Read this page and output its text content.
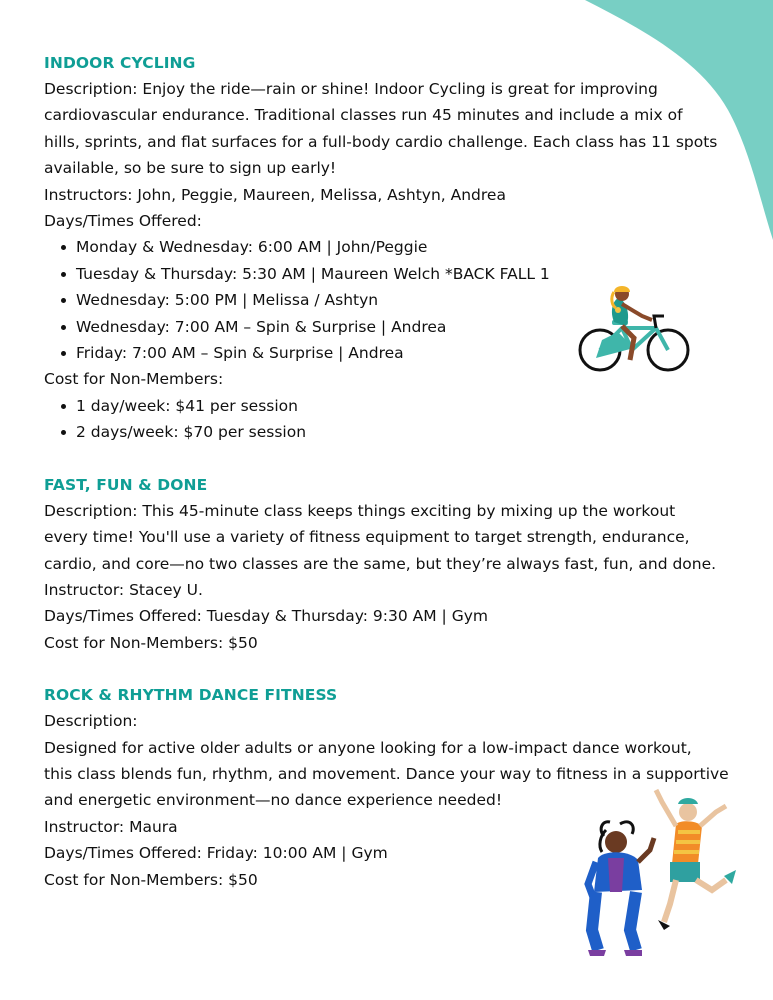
INDOOR CYCLING
Description: Enjoy the ride—rain or shine! Indoor Cycling is great for improving
cardiovascular endurance. Traditional classes run 45 minutes and include a mix of
hills, sprints, and flat surfaces for a full-body cardio challenge. Each class has 11 spots
available, so be sure to sign up early!
Instructors: John, Peggie, Maureen, Melissa, Ashtyn, Andrea
Days/Times Offered:
Monday & Wednesday: 6:00 AM | John/Peggie
Tuesday & Thursday: 5:30 AM | Maureen Welch *BACK FALL 1
Wednesday: 5:00 PM | Melissa / Ashtyn
Wednesday: 7:00 AM – Spin & Surprise | Andrea
Friday: 7:00 AM – Spin & Surprise | Andrea
Cost for Non-Members:
1 day/week: $41 per session
2 days/week: $70 per session
FAST, FUN & DONE
Description: This 45-minute class keeps things exciting by mixing up the workout
every time! You'll use a variety of fitness equipment to target strength, endurance,
cardio, and core—no two classes are the same, but they’re always fast, fun, and done.
Instructor: Stacey U.
Days/Times Offered: Tuesday & Thursday: 9:30 AM | Gym
Cost for Non-Members: $50
ROCK & RHYTHM DANCE FITNESS
Description:
Designed for active older adults or anyone looking for a low-impact dance workout,
this class blends fun, rhythm, and movement. Dance your way to fitness in a supportive
and energetic environment—no dance experience needed!
Instructor: Maura
Days/Times Offered: Friday: 10:00 AM | Gym
Cost for Non-Members: $50
